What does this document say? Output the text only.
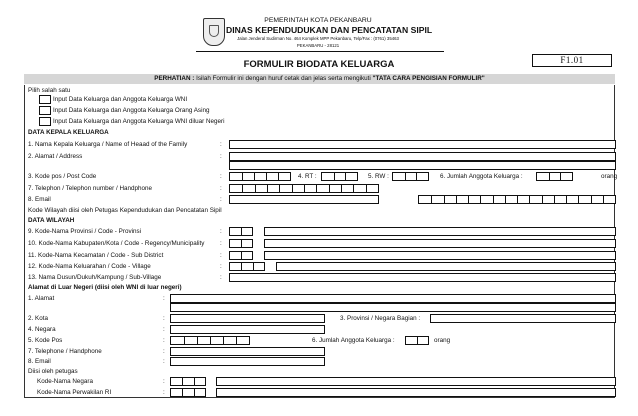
PEMERINTAH KOTA PEKANBARU
DINAS KEPENDUDUKAN DAN PENCATATAN SIPIL
Jalan Jenderal Sudirman No. 464 Komplek MPP Pekanbaru, Telp/Fax : (0761) 35463
PEKANBARU - 28121
F1.01
FORMULIR BIODATA KELUARGA
PERHATIAN : Isilah Formulir ini dengan huruf cetak dan jelas serta mengikuti "TATA CARA PENGISIAN FORMULIR"
Pilih salah satu
Input Data Keluarga dan Anggota Keluarga WNI
Input Data Keluarga dan Anggota Keluarga Orang Asing
Input Data Keluarga dan Anggota Keluarga WNI diluar Negeri
DATA KEPALA KELUARGA
1. Nama Kepala Keluarga / Name of Heaad of the Family	:
2. Alamat / Address	:
3. Kode pos / Post Code	:	4. RT :	5. RW :	6. Jumlah Anggota Keluarga :	orang
7. Telephon / Telephon number / Handphone	:
8. Email	:
Kode Wilayah diisi oleh Petugas Kependudukan dan Pencatatan Sipil
DATA WILAYAH
9. Kode-Nama Provinsi / Code - Provinsi	:
10. Kode-Nama Kabupaten/Kota / Code - Regency/Municipality :
11. Kode-Nama Kecamatan / Code - Sub District	:
12. Kode-Nama Keluarahan / Code - Village	:
13. Nama Dusun/Dukuh/Kampung / Sub-Village	:
Alamat di Luar Negeri (diisi oleh WNI di luar negeri)
1. Alamat	:
2. Kota	:	3. Provinsi / Negara Bagian :
4. Negara	:
5. Kode Pos	:	6. Jumlah Anggota Keluarga :	orang
7. Telephone / Handphone	:
8. Email	:
Diisi oleh petugas
Kode-Nama Negara	:
Kode-Nama Perwakilan RI	:
